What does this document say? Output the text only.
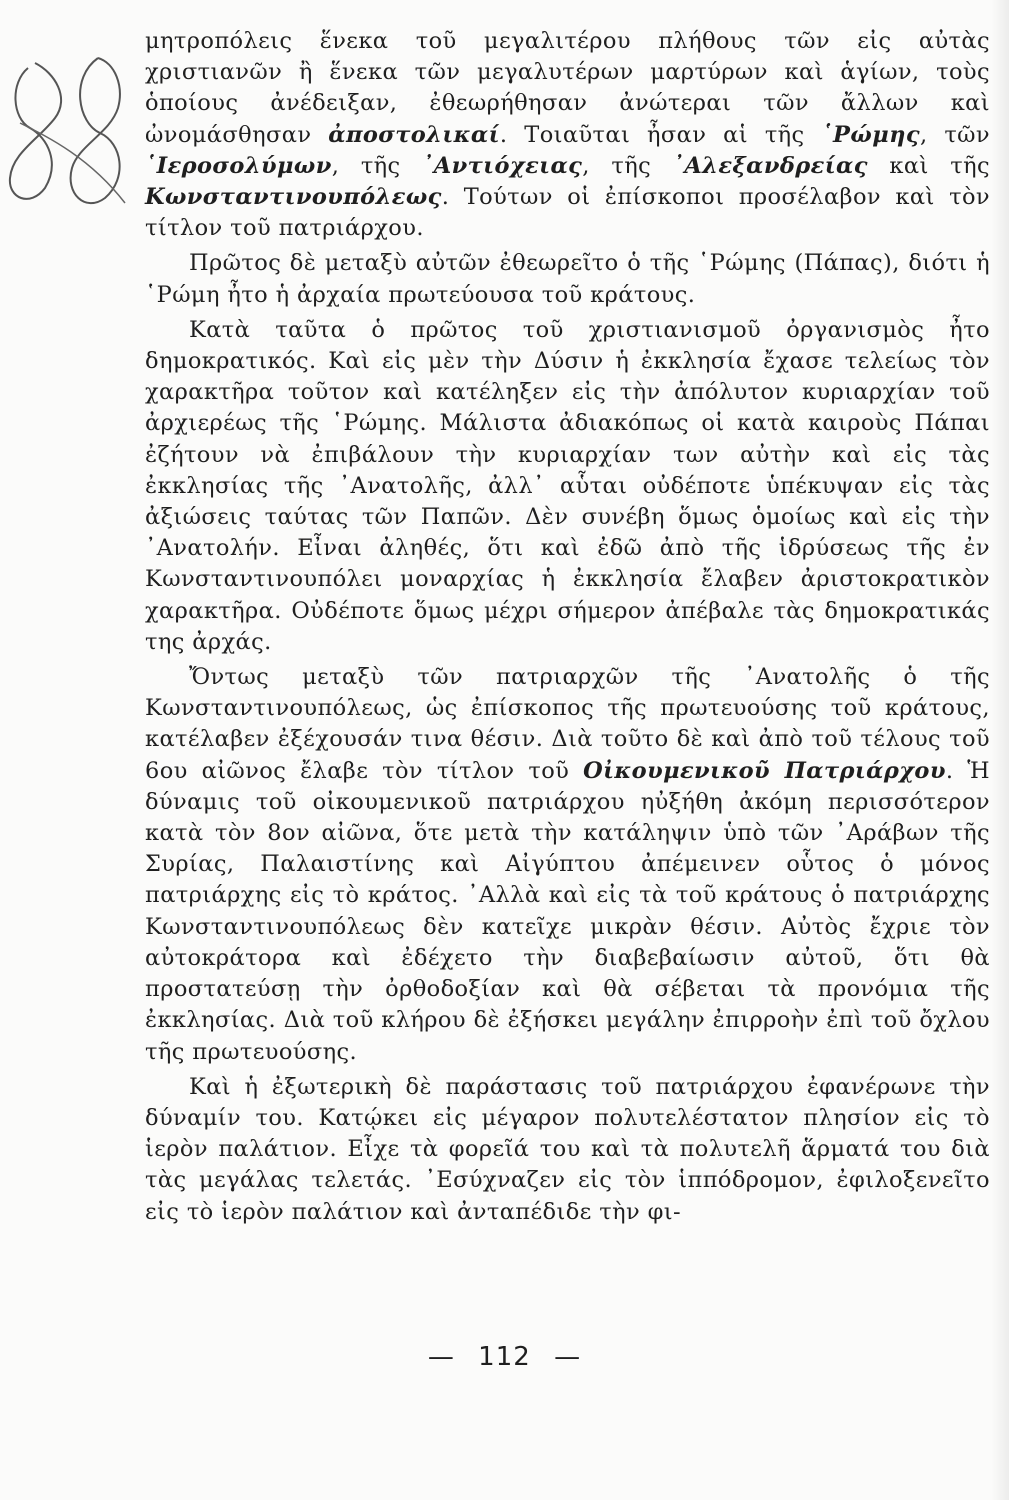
μητροπόλεις ἕνεκα τοῦ μεγαλιτέρου πλήθους τῶν εἰς αὐτὰς χριστιανῶν ἢ ἕνεκα τῶν μεγαλυτέρων μαρτύρων καὶ ἁγίων, τοὺς ὁποίους ἀνέδειξαν, ἐθεωρήθησαν ἀνώτεραι τῶν ἄλλων καὶ ὠνομάσθησαν ἀποστολικαί. Τοιαῦται ἦσαν αἱ τῆς ῾Ρώμης, τῶν ῾Ιεροσολύμων, τῆς ᾿Αντιόχειας, τῆς ᾿Αλεξανδρείας καὶ τῆς Κωνσταντινουπόλεως. Τούτων οἱ ἐπίσκοποι προσέλαβον καὶ τὸν τίτλον τοῦ πατριάρχου.

Πρῶτος δὲ μεταξὺ αὐτῶν ἐθεωρεῖτο ὁ τῆς ῾Ρώμης (Πάπας), διότι ἡ ῾Ρώμη ἦτο ἡ ἀρχαία πρωτεύουσα τοῦ κράτους.

Κατὰ ταῦτα ὁ πρῶτος τοῦ χριστιανισμοῦ ὀργανισμὸς ἦτο δημοκρατικός. Καὶ εἰς μὲν τὴν Δύσιν ἡ ἐκκλησία ἔχασε τελείως τὸν χαρακτῆρα τοῦτον καὶ κατέληξεν εἰς τὴν ἀπόλυτον κυριαρχίαν τοῦ ἀρχιερέως τῆς ῾Ρώμης. Μάλιστα ἀδιακόπως οἱ κατὰ καιροὺς Πάπαι ἐζήτουν νὰ ἐπιβάλουν τὴν κυριαρχίαν των αὐτὴν καὶ εἰς τὰς ἐκκλησίας τῆς ᾿Ανατολῆς, ἀλλ᾿ αὗται οὐδέποτε ὑπέκυψαν εἰς τὰς ἀξιώσεις ταύτας τῶν Παπῶν. Δὲν συνέβη ὅμως ὁμοίως καὶ εἰς τὴν ᾿Ανατολήν. Εἶναι ἀληθές, ὅτι καὶ ἐδῶ ἀπὸ τῆς ἱδρύσεως τῆς ἐν Κωνσταντινουπόλει μοναρχίας ἡ ἐκκλησία ἔλαβεν ἀριστοκρατικὸν χαρακτῆρα. Οὐδέποτε ὅμως μέχρι σήμερον ἀπέβαλε τὰς δημοκρατικάς της ἀρχάς.

Ὄντως μεταξὺ τῶν πατριαρχῶν τῆς ᾿Ανατολῆς ὁ τῆς Κωνσταντινουπόλεως, ὡς ἐπίσκοπος τῆς πρωτευούσης τοῦ κράτους, κατέλαβεν ἐξέχουσάν τινα θέσιν. Διὰ τοῦτο δὲ καὶ ἀπὸ τοῦ τέλους τοῦ 6ου αἰῶνος ἔλαβε τὸν τίτλον τοῦ Οἰκουμενικοῦ Πατριάρχου. Ἡ δύναμις τοῦ οἰκουμενικοῦ πατριάρχου ηὐξήθη ἀκόμη περισσότερον κατὰ τὸν 8ον αἰῶνα, ὅτε μετὰ τὴν κατάληψιν ὑπὸ τῶν ᾿Αράβων τῆς Συρίας, Παλαιστίνης καὶ Αἰγύπτου ἀπέμεινεν οὗτος ὁ μόνος πατριάρχης εἰς τὸ κράτος. ᾿Αλλὰ καὶ εἰς τὰ τοῦ κράτους ὁ πατριάρχης Κωνσταντινουπόλεως δὲν κατεῖχε μικρὰν θέσιν. Αὐτὸς ἔχριε τὸν αὐτοκράτορα καὶ ἐδέχετο τὴν διαβεβαίωσιν αὐτοῦ, ὅτι θὰ προστατεύσῃ τὴν ὀρθοδοξίαν καὶ θὰ σέβεται τὰ προνόμια τῆς ἐκκλησίας. Διὰ τοῦ κλήρου δὲ ἐξήσκει μεγάλην ἐπιρροὴν ἐπὶ τοῦ ὄχλου τῆς πρωτευούσης.

Καὶ ἡ ἐξωτερικὴ δὲ παράστασις τοῦ πατριάρχου ἐφανέρωνε τὴν δύναμίν του. Κατῴκει εἰς μέγαρον πολυτελέστατον πλησίον εἰς τὸ ἱερὸν παλάτιον. Εἶχε τὰ φορεῖά του καὶ τὰ πολυτελῆ ἅρματά του διὰ τὰς μεγάλας τελετάς. ᾿Εσύχναζεν εἰς τὸν ἱππόδρομον, ἐφιλοξενεῖτο εἰς τὸ ἱερὸν παλάτιον καὶ ἀνταπέδιδε τὴν φι-

— 112 —
